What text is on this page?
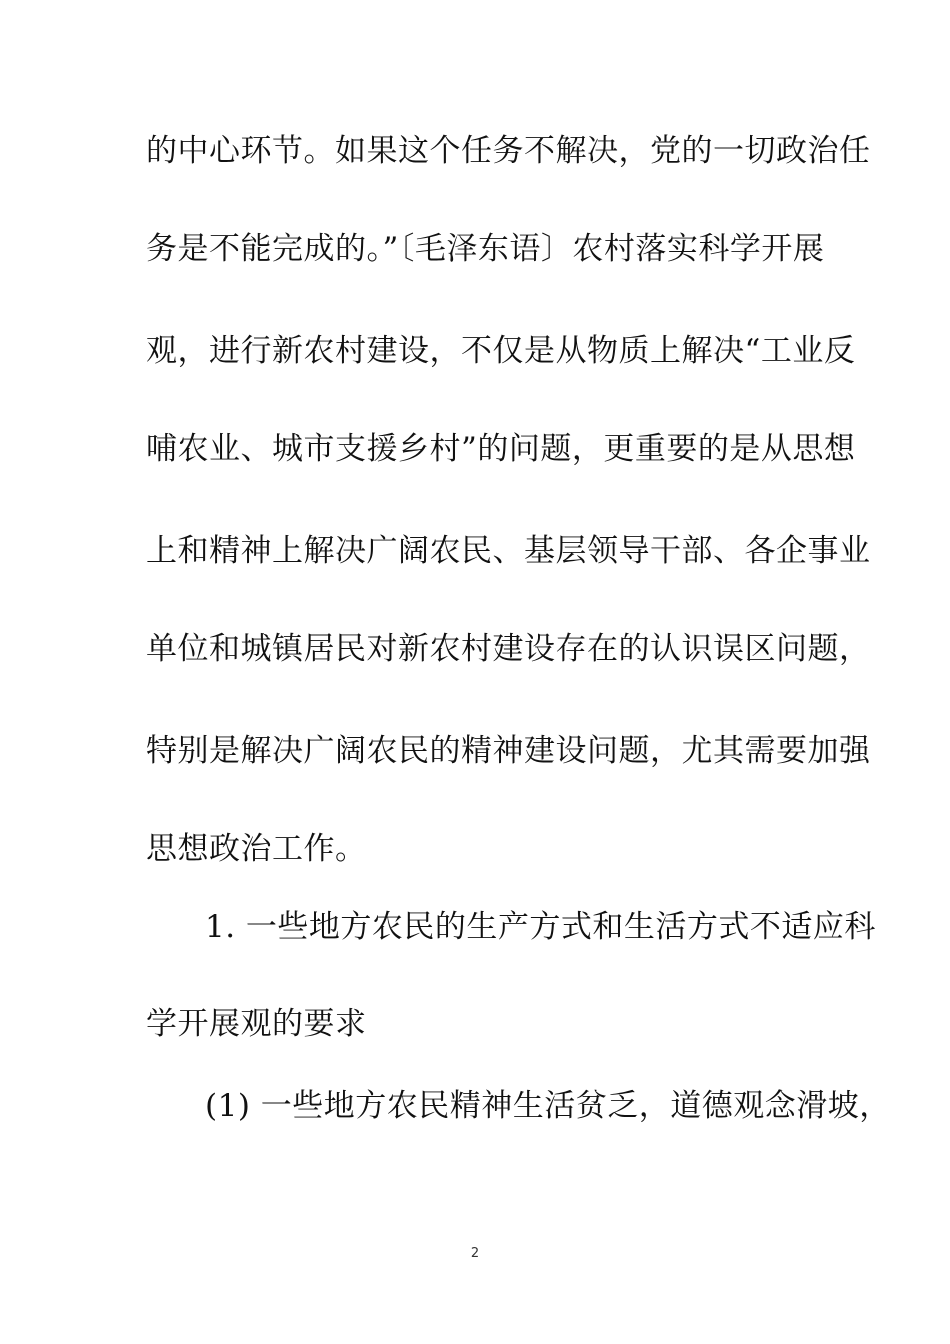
的中心环节。如果这个任务不解决，党的一切政治任
务是不能完成的。”〔毛泽东语〕农村落实科学开展
观，进行新农村建设，不仅是从物质上解决“工业反
哺农业、城市支援乡村”的问题，更重要的是从思想
上和精神上解决广阔农民、基层领导干部、各企事业
单位和城镇居民对新农村建设存在的认识误区问题，
特别是解决广阔农民的精神建设问题，尤其需要加强
思想政治工作。
1. 一些地方农民的生产方式和生活方式不适应科
学开展观的要求
(1) 一些地方农民精神生活贫乏，道德观念滑坡，
2
